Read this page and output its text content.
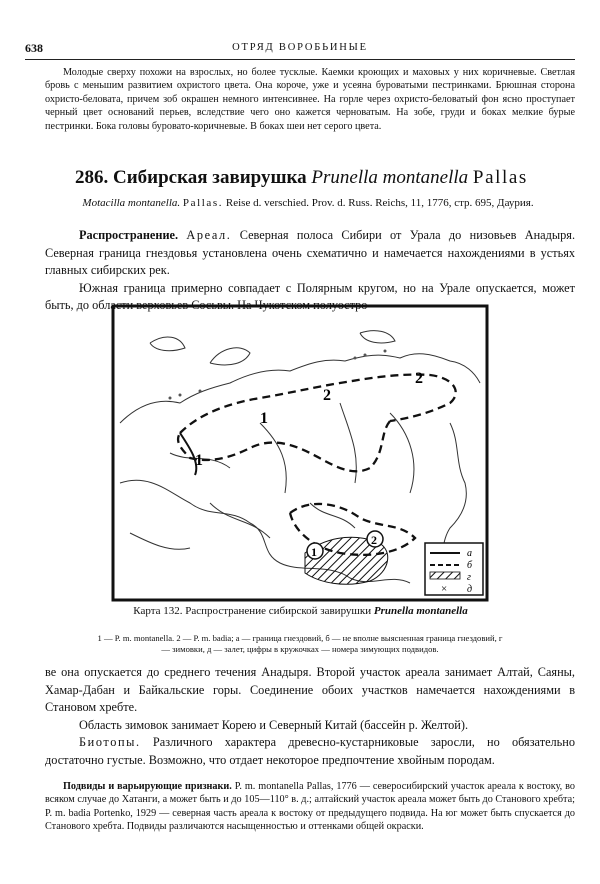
638	ОТРЯД ВОРОБЬИНЫЕ
Молодые сверху похожи на взрослых, но более тусклые. Каемки кроющих и маховых у них коричневые. Светлая бровь с меньшим развитием охристого цвета. Она короче, уже и усеяна буроватыми пестринками. Брюшная сторона охристо-беловата, причем зоб окрашен немного интенсивнее. На горле через охристо-беловатый фон ясно проступает черный цвет оснований перьев, вследствие чего оно кажется черноватым. На зобе, груди и боках мелкие бурые пестринки. Бока головы буровато-коричневые. В боках шеи нет серого цвета.
286. Сибирская завирушка Prunella montanella Pallas
Motacilla montanella. Pallas. Reise d. verschied. Prov. d. Russ. Reichs, 11, 1776, стр. 695, Даурия.

Распространение. Ареал. Северная полоса Сибири от Урала до низовьев Анадыря. Северная граница гнездовья установлена очень схематично и намечается нахождениями в устьях главных сибирских рек.

Южная граница примерно совпадает с Полярным кругом, но на Урале опускается, может быть, до области верховьев Сосьвы. На Чукотском полуостро-

1
1
2
2
1
2
×
а
б
г
д
Карта 132. Распространение сибирской завирушки Prunella montanella
1 — P. m. montanella. 2 — P. m. badia; а — граница гнездовий, б — не вполне выясненная граница гнездовий, г — зимовки, д — залет, цифры в кружочках — номера зимующих подвидов.

ве она опускается до среднего течения Анадыря. Второй участок ареала занимает Алтай, Саяны, Хамар-Дабан и Байкальские горы. Соединение обоих участков намечается нахождениями в Становом хребте.

Область зимовок занимает Корею и Северный Китай (бассейн р. Желтой).

Биотопы. Различного характера древесно-кустарниковые заросли, но обязательно достаточно густые. Возможно, что отдает некоторое предпочтение хвойным породам.

Подвиды и варьирующие признаки. P. m. montanella Pallas, 1776 — северосибирский участок ареала к востоку, во всяком случае до Хатанги, а может быть и до 105—110° в. д.; алтайский участок ареала может быть до Станового хребта; P. m. badia Portenko, 1929 — северная часть ареала к востоку от предыдущего подвида. На юг может быть спускается до Станового хребта. Подвиды различаются насыщенностью и оттенками общей окраски.
